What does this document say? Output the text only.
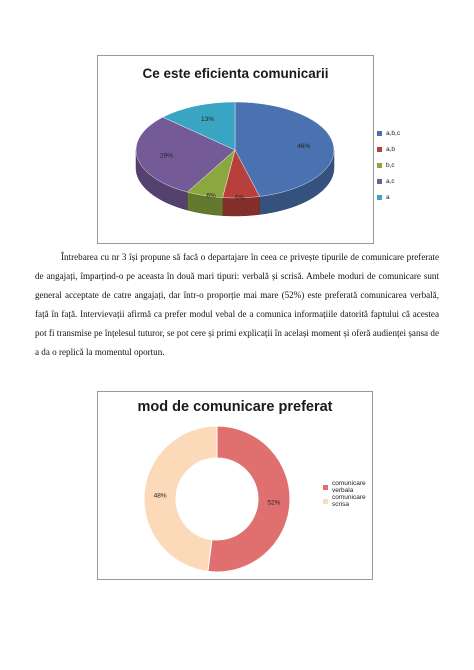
Ce este eficienta comunicarii
46%
6%
6%
29%
13%
a,b,c
a,b
b,c
a,c
a
Întrebarea cu nr 3 își propune să facă o departajare în ceea ce privește tipurile de comunicare preferate de angajați, împarțind-o pe aceasta în două mari tipuri: verbală și scrisă. Ambele moduri de comunicare sunt general acceptate de catre angajați, dar într-o proporție mai mare (52%) este preferată comunicarea verbală, față în față. Intervievații afirmă ca prefer modul vebal de a comunica informațiile datorită faptului că acestea pot fi transmise pe înțelesul tuturor, se pot cere și primi explicații în același moment și oferă audienței șansa de a da o replică la momentul oportun.
mod de comunicare preferat
52%
48%
comunicare verbala
comunicare scrisa
